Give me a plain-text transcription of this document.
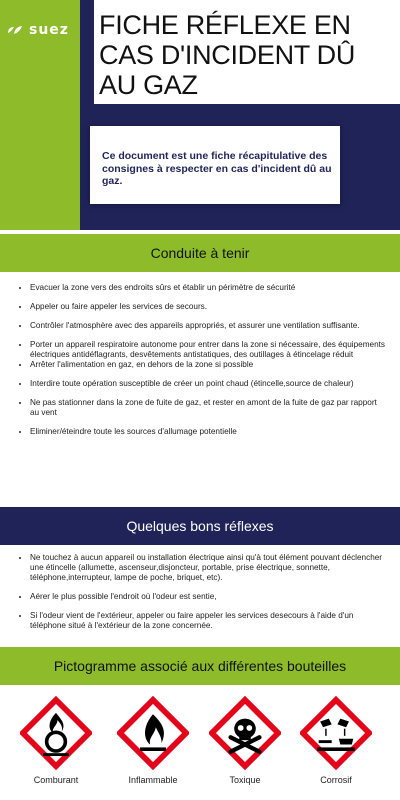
suez FICHE RÉFLEXE EN
CAS D'INCIDENT DÛ
AU GAZ
Ce document est une fiche récapitulative des consignes à respecter en cas d'incident dû au gaz.
Conduite à tenir
• Evacuer la zone vers des endroits sûrs et établir un périmètre de sécurité
• Appeler ou faire appeler les services de secours.
• Contrôler l'atmosphère avec des appareils appropriés, et assurer une ventilation suffisante.
• Porter un appareil respiratoire autonome pour entrer dans la zone si nécessaire, des équipements électriques antidéflagrants, desvêtements antistatiques, des outillages à étincelage réduit
• Arrêter l'alimentation en gaz, en dehors de la zone si possible
• Interdire toute opération susceptible de créer un point chaud (étincelle,source de chaleur)
• Ne pas stationner dans la zone de fuite de gaz, et rester en amont de la fuite de gaz par rapport au vent
• Eliminer/éteindre toute les sources d'allumage potentielle
Quelques bons réflexes
• Ne touchez à aucun appareil ou installation électrique ainsi qu'à tout élément pouvant déclencher une étincelle (allumette, ascenseur,disjoncteur, portable, prise électrique, sonnette, téléphone,interrupteur, lampe de poche, briquet, etc).
• Aérer le plus possible l'endroit où l'odeur est sentie,
• Si l'odeur vient de l'extérieur, appeler ou faire appeler les services desecours à l'aide d'un téléphone situé à l'extérieur de la zone concernée.
Pictogramme associé aux différentes bouteilles
Comburant	Inflammable	Toxique	Corrosif
